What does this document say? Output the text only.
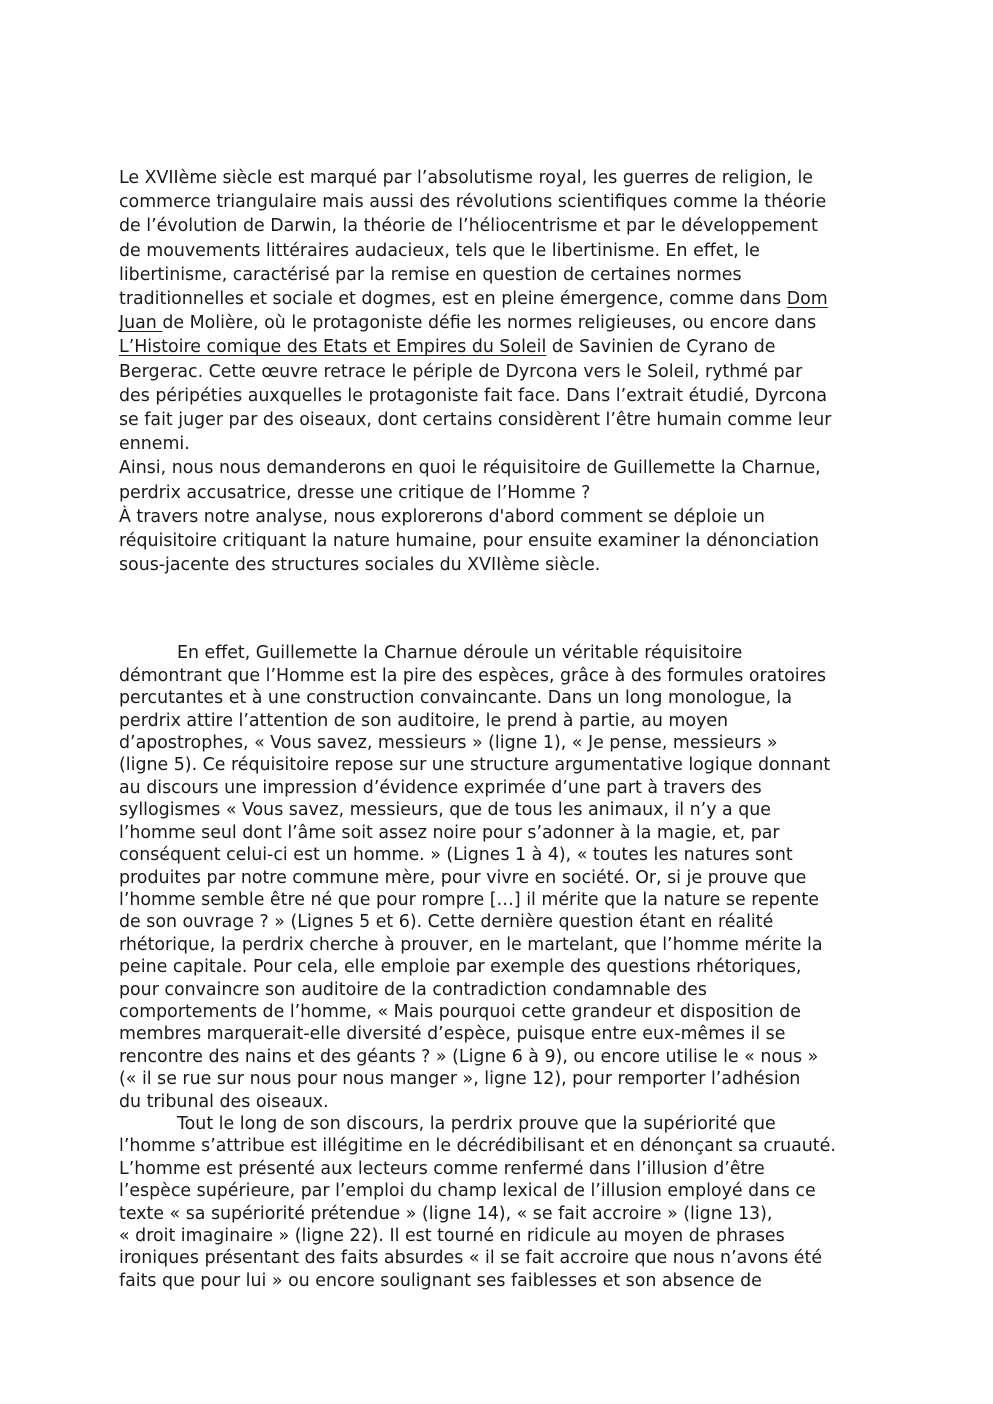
Le XVIIème siècle est marqué par l’absolutisme royal, les guerres de religion, le
commerce triangulaire mais aussi des révolutions scientifiques comme la théorie
de l’évolution de Darwin, la théorie de l’héliocentrisme et par le développement
de mouvements littéraires audacieux, tels que le libertinisme. En effet, le
libertinisme, caractérisé par la remise en question de certaines normes
traditionnelles et sociale et dogmes, est en pleine émergence, comme dans Dom
Juan de Molière, où le protagoniste défie les normes religieuses, ou encore dans
L’Histoire comique des Etats et Empires du Soleil de Savinien de Cyrano de
Bergerac. Cette œuvre retrace le périple de Dyrcona vers le Soleil, rythmé par
des péripéties auxquelles le protagoniste fait face. Dans l’extrait étudié, Dyrcona
se fait juger par des oiseaux, dont certains considèrent l’être humain comme leur
ennemi.
Ainsi, nous nous demanderons en quoi le réquisitoire de Guillemette la Charnue,
perdrix accusatrice, dresse une critique de l’Homme ?
À travers notre analyse, nous explorerons d'abord comment se déploie un
réquisitoire critiquant la nature humaine, pour ensuite examiner la dénonciation
sous-jacente des structures sociales du XVIIème siècle.
En effet, Guillemette la Charnue déroule un véritable réquisitoire
démontrant que l’Homme est la pire des espèces, grâce à des formules oratoires
percutantes et à une construction convaincante. Dans un long monologue, la
perdrix attire l’attention de son auditoire, le prend à partie, au moyen
d’apostrophes, « Vous savez, messieurs » (ligne 1), « Je pense, messieurs »
(ligne 5). Ce réquisitoire repose sur une structure argumentative logique donnant
au discours une impression d’évidence exprimée d’une part à travers des
syllogismes « Vous savez, messieurs, que de tous les animaux, il n’y a que
l’homme seul dont l’âme soit assez noire pour s’adonner à la magie, et, par
conséquent celui-ci est un homme. » (Lignes 1 à 4), « toutes les natures sont
produites par notre commune mère, pour vivre en société. Or, si je prouve que
l’homme semble être né que pour rompre […] il mérite que la nature se repente
de son ouvrage ? » (Lignes 5 et 6). Cette dernière question étant en réalité
rhétorique, la perdrix cherche à prouver, en le martelant, que l’homme mérite la
peine capitale. Pour cela, elle emploie par exemple des questions rhétoriques,
pour convaincre son auditoire de la contradiction condamnable des
comportements de l’homme, « Mais pourquoi cette grandeur et disposition de
membres marquerait-elle diversité d’espèce, puisque entre eux-mêmes il se
rencontre des nains et des géants ? » (Ligne 6 à 9), ou encore utilise le « nous »
(« il se rue sur nous pour nous manger », ligne 12), pour remporter l’adhésion
du tribunal des oiseaux.
Tout le long de son discours, la perdrix prouve que la supériorité que
l’homme s’attribue est illégitime en le décrédibilisant et en dénonçant sa cruauté.
L’homme est présenté aux lecteurs comme renfermé dans l’illusion d’être
l’espèce supérieure, par l’emploi du champ lexical de l’illusion employé dans ce
texte « sa supériorité prétendue » (ligne 14), « se fait accroire » (ligne 13),
« droit imaginaire » (ligne 22). Il est tourné en ridicule au moyen de phrases
ironiques présentant des faits absurdes « il se fait accroire que nous n’avons été
faits que pour lui » ou encore soulignant ses faiblesses et son absence de
